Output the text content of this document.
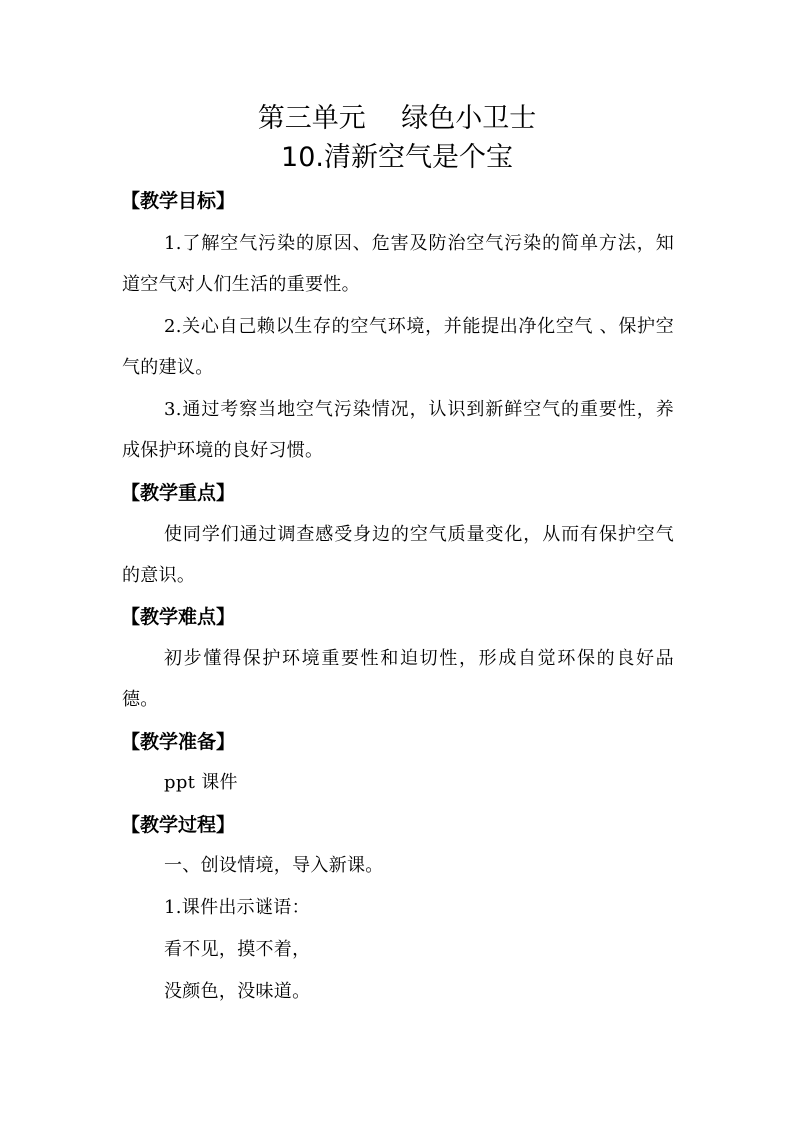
第三单元　 绿色小卫士
10.清新空气是个宝
【教学目标】
1.了解空气污染的原因、危害及防治空气污染的简单方法，知道空气对人们生活的重要性。
2.关心自己赖以生存的空气环境，并能提出净化空气 、保护空气的建议。
3.通过考察当地空气污染情况，认识到新鲜空气的重要性，养成保护环境的良好习惯。
【教学重点】
使同学们通过调查感受身边的空气质量变化，从而有保护空气的意识。
【教学难点】
初步懂得保护环境重要性和迫切性，形成自觉环保的良好品德。
【教学准备】
ppt 课件
【教学过程】
一、创设情境，导入新课。
1.课件出示谜语：
看不见，摸不着，
没颜色，没味道。
